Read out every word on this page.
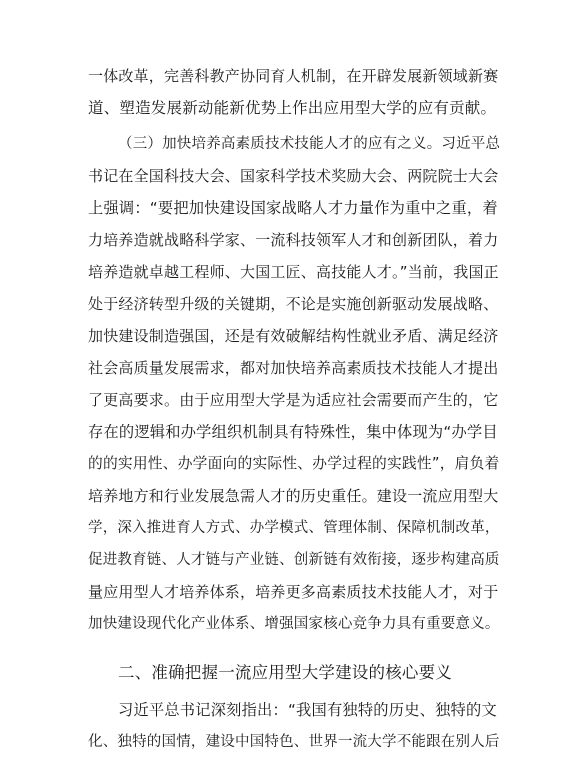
一体改革，完善科教产协同育人机制，在开辟发展新领域新赛
道、塑造发展新动能新优势上作出应用型大学的应有贡献。
（三）加快培养高素质技术技能人才的应有之义。习近平总
书记在全国科技大会、国家科学技术奖励大会、两院院士大会
上强调：“要把加快建设国家战略人才力量作为重中之重，着
力培养造就战略科学家、一流科技领军人才和创新团队，着力
培养造就卓越工程师、大国工匠、高技能人才。”当前，我国正
处于经济转型升级的关键期，不论是实施创新驱动发展战略、
加快建设制造强国，还是有效破解结构性就业矛盾、满足经济
社会高质量发展需求，都对加快培养高素质技术技能人才提出
了更高要求。由于应用型大学是为适应社会需要而产生的，它
存在的逻辑和办学组织机制具有特殊性，集中体现为“办学目
的的实用性、办学面向的实际性、办学过程的实践性”，肩负着
培养地方和行业发展急需人才的历史重任。建设一流应用型大
学，深入推进育人方式、办学模式、管理体制、保障机制改革，
促进教育链、人才链与产业链、创新链有效衔接，逐步构建高质
量应用型人才培养体系，培养更多高素质技术技能人才，对于
加快建设现代化产业体系、增强国家核心竞争力具有重要意义。
二、准确把握一流应用型大学建设的核心要义
习近平总书记深刻指出：“我国有独特的历史、独特的文
化、独特的国情，建设中国特色、世界一流大学不能跟在别人后
